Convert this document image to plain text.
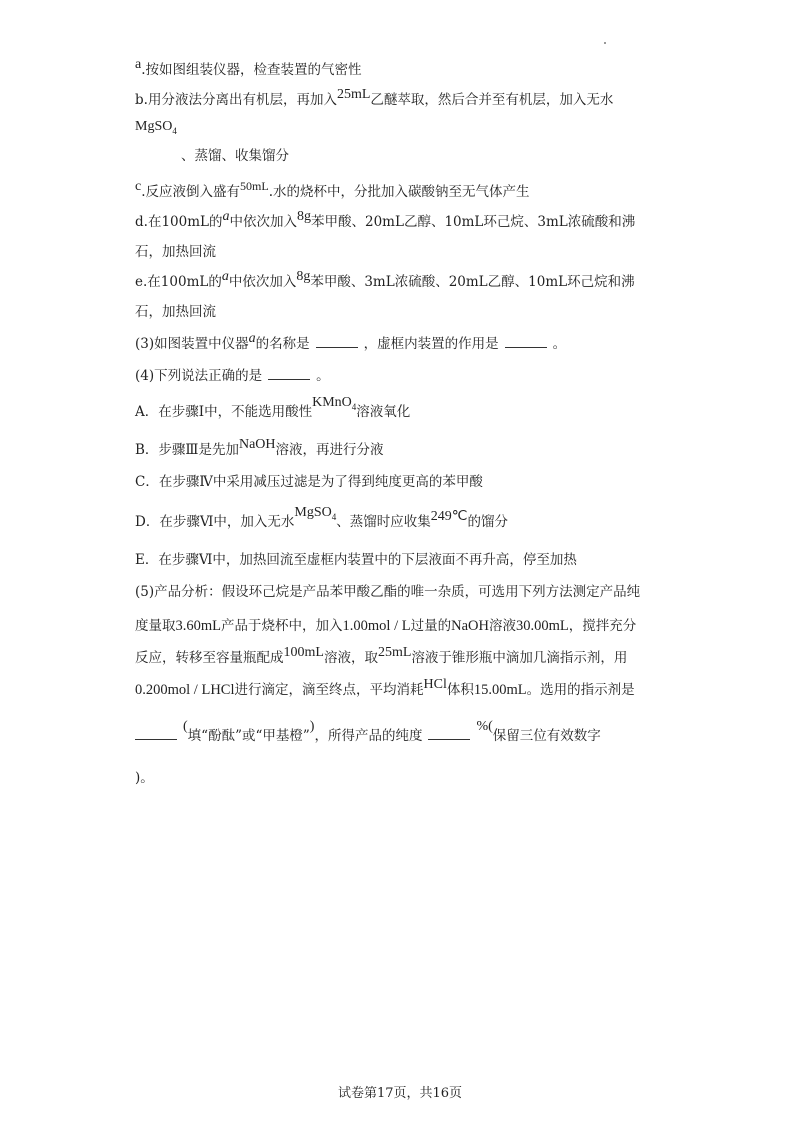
a.按如图组装仪器，检查装置的气密性
b.用分液法分离出有机层，再加入25mL乙醚萃取，然后合并至有机层，加入无水
MgSO$_4$
、蒸馏、收集馏分
c.反应液倒入盛有50mL.水的烧杯中，分批加入碳酸钠至无气体产生
d.在100mL的a中依次加入8g苯甲酸、20mL乙醇、10mL环己烷、3mL浓硫酸和沸
石，加热回流
e.在100mL的a中依次加入8g苯甲酸、3mL浓硫酸、20mL乙醇、10mL环己烷和沸
石，加热回流
(3)如图装置中仪器a的名称是	，虚框内装置的作用是	。
(4)下列说法正确的是	。
A．在步骤Ⅰ中，不能选用酸性KMnO$_4$溶液氧化
B．步骤Ⅲ是先加NaOH溶液，再进行分液
C．在步骤Ⅳ中采用减压过滤是为了得到纯度更高的苯甲酸
D．在步骤Ⅵ中，加入无水MgSO$_4$、蒸馏时应收集249℃的馏分
E．在步骤Ⅵ中，加热回流至虚框内装置中的下层液面不再升高，停至加热
(5)产品分析：假设环己烷是产品苯甲酸乙酯的唯一杂质，可选用下列方法测定产品纯
度量取3.60mL产品于烧杯中，加入1.00mol / L过量的NaOH溶液30.00mL，搅拌充分
反应，转移至容量瓶配成100mL溶液，取25mL溶液于锥形瓶中滴加几滴指示剂，用
0.200mol / LHCl进行滴定，滴至终点，平均消耗HCl体积15.00mL。选用的指示剂是
(填“酚酞”或“甲基橙”)，所得产品的纯度%(保留三位有效数字
)。
试卷第17页，共16页
